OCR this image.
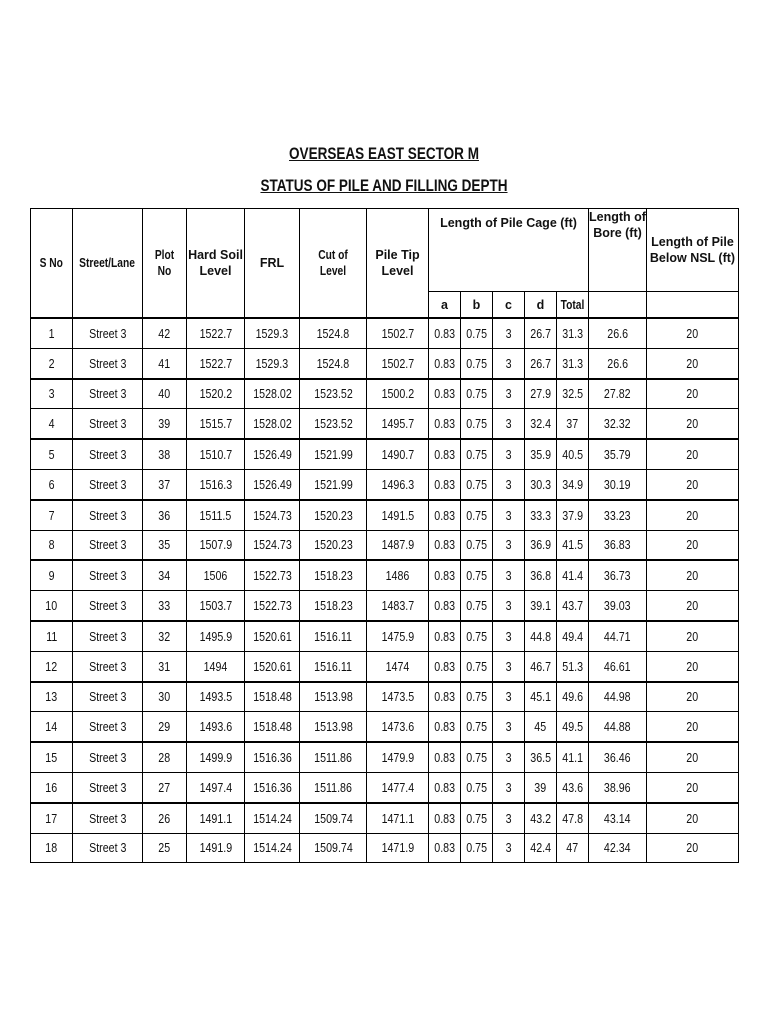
OVERSEAS EAST SECTOR M
STATUS OF PILE AND FILLING DEPTH
S No	Street/Lane	Plot No	Hard Soil Level	FRL	Cut of Level	Pile Tip Level	Length of Pile Cage (ft)					Length of Bore (ft)	Length of Pile Below NSL (ft)
							a	b	c	d	Total		
1	Street 3	42	1522.7	1529.3	1524.8	1502.7	0.83	0.75	3	26.7	31.3	26.6	20
2	Street 3	41	1522.7	1529.3	1524.8	1502.7	0.83	0.75	3	26.7	31.3	26.6	20
3	Street 3	40	1520.2	1528.02	1523.52	1500.2	0.83	0.75	3	27.9	32.5	27.82	20
4	Street 3	39	1515.7	1528.02	1523.52	1495.7	0.83	0.75	3	32.4	37	32.32	20
5	Street 3	38	1510.7	1526.49	1521.99	1490.7	0.83	0.75	3	35.9	40.5	35.79	20
6	Street 3	37	1516.3	1526.49	1521.99	1496.3	0.83	0.75	3	30.3	34.9	30.19	20
7	Street 3	36	1511.5	1524.73	1520.23	1491.5	0.83	0.75	3	33.3	37.9	33.23	20
8	Street 3	35	1507.9	1524.73	1520.23	1487.9	0.83	0.75	3	36.9	41.5	36.83	20
9	Street 3	34	1506	1522.73	1518.23	1486	0.83	0.75	3	36.8	41.4	36.73	20
10	Street 3	33	1503.7	1522.73	1518.23	1483.7	0.83	0.75	3	39.1	43.7	39.03	20
11	Street 3	32	1495.9	1520.61	1516.11	1475.9	0.83	0.75	3	44.8	49.4	44.71	20
12	Street 3	31	1494	1520.61	1516.11	1474	0.83	0.75	3	46.7	51.3	46.61	20
13	Street 3	30	1493.5	1518.48	1513.98	1473.5	0.83	0.75	3	45.1	49.6	44.98	20
14	Street 3	29	1493.6	1518.48	1513.98	1473.6	0.83	0.75	3	45	49.5	44.88	20
15	Street 3	28	1499.9	1516.36	1511.86	1479.9	0.83	0.75	3	36.5	41.1	36.46	20
16	Street 3	27	1497.4	1516.36	1511.86	1477.4	0.83	0.75	3	39	43.6	38.96	20
17	Street 3	26	1491.1	1514.24	1509.74	1471.1	0.83	0.75	3	43.2	47.8	43.14	20
18	Street 3	25	1491.9	1514.24	1509.74	1471.9	0.83	0.75	3	42.4	47	42.34	20
